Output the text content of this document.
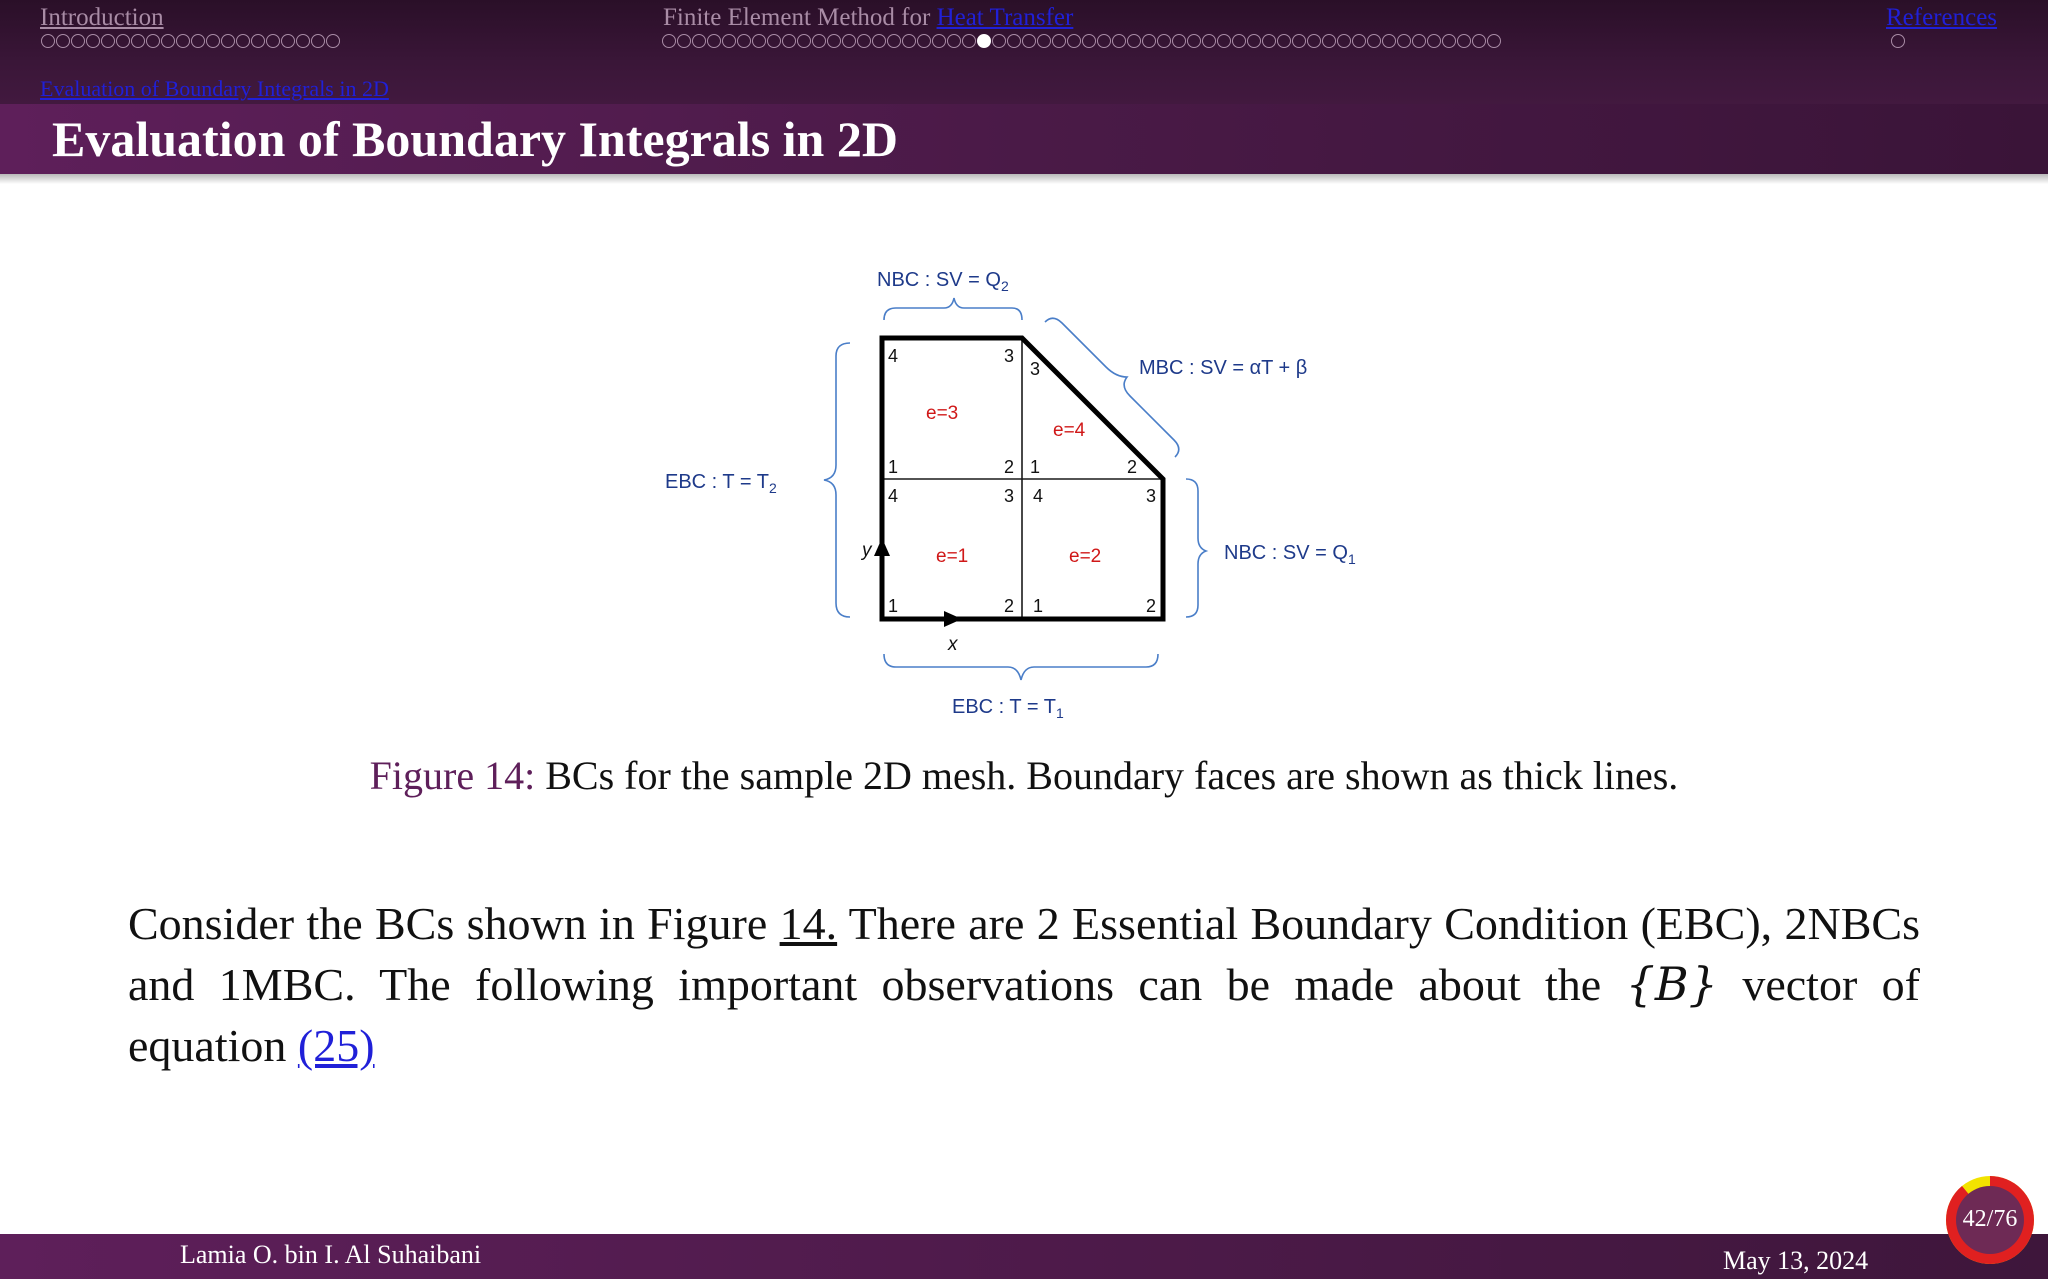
Introduction	Finite Element Method for Heat Transfer	References
Evaluation of Boundary Integrals in 2D
Evaluation of Boundary Integrals in 2D
y
x
e=3
e=4
e=1	e=2
4	3
1	2
3
1	2
4	3
1	2
4	3
1	2
NBC : SV = $Q_2$
MBC : SV = αT + β
EBC : $T = T_2$
NBC : SV = $Q_1$
EBC : $T = T_1$
Figure 14: BCs for the sample 2D mesh. Boundary faces are shown as thick lines.
Consider the BCs shown in Figure 14. There are 2 Essential Boundary Condition (EBC), 2NBCs and 1MBC. The following important observations can be made about the {B} vector of equation (25)
Lamia O. bin I. Al Suhaibani	May 13, 2024
42/76
